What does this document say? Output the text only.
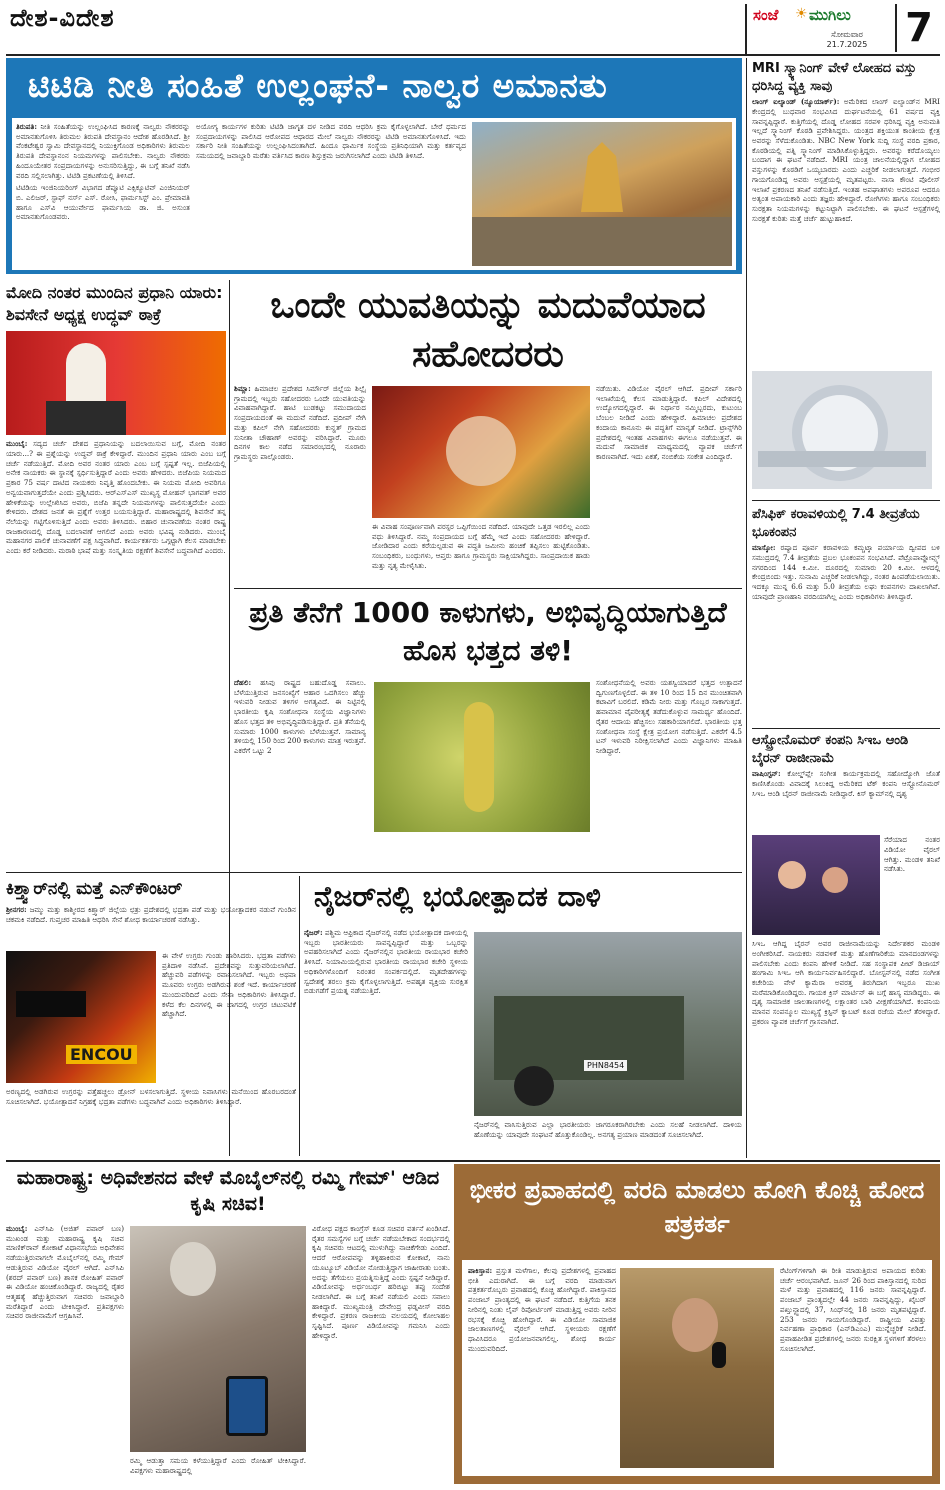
ದೇಶ-ವಿದೇಶ	ಸಂಜೆ ☀ ಮುಗಿಲು
ಸೋಮವಾರ
21.7.2025 7
ಟಿಟಿಡಿ ನೀತಿ ಸಂಹಿತೆ ಉಲ್ಲಂಘನೆ- ನಾಲ್ವರ ಅಮಾನತು
ತಿರುಪತಿ: ನೀತಿ ಸಂಹಿತೆಯನ್ನು ಉಲ್ಲಂಘಿಸಿದ ಕಾರಣಕ್ಕೆ ನಾಲ್ವರು ನೌಕರರನ್ನು ಅಮಾನತುಗೊಳಿಸಿ ತಿರುಮಲ ತಿರುಪತಿ ದೇವಸ್ಥಾನಂ ಆದೇಶ ಹೊರಡಿಸಿದೆ. ಶ್ರೀ ವೆಂಕಟೇಶ್ವರ ಸ್ವಾಮಿ ದೇವಸ್ಥಾನದಲ್ಲಿ ನಿಯುಕ್ತಿಗೊಂಡ ಅಧಿಕಾರಿಗಳು ತಿರುಮಲ ತಿರುಪತಿ ದೇವಸ್ಥಾನಂನ ನಿಯಮಗಳನ್ನು ಪಾಲಿಸಬೇಕು. ನಾಲ್ವರು ನೌಕರರು ಹಿಂದೂಯೇತರ ಸಂಪ್ರದಾಯಗಳನ್ನು ಅನುಸರಿಸುತ್ತಿದ್ದು, ಈ ಬಗ್ಗೆ ತನಿಖೆ ನಡೆಸಿ ವರದಿ ಸಲ್ಲಿಸಲಾಗಿತ್ತು. ಟಿಟಿಡಿ ಪ್ರಕಟಣೆಯಲ್ಲಿ ತಿಳಿಸಿದೆ.
ಟಿಟಿಡಿಯ ಇಂಜಿನಿಯರಿಂಗ್ ವಿಭಾಗದ ಡೆಪ್ಯೂಟಿ ಎಕ್ಸಿಕ್ಯೂಟಿವ್ ಎಂಜಿನಿಯರ್ ಬಿ. ಎಲಿಜರ್, ಸ್ಟಾಫ್ ನರ್ಸ್ ಎಸ್. ರೋಸಿ, ಫಾರ್ಮಸಿಸ್ಟ್ ಎಂ. ಪ್ರೇಮಾವತಿ ಹಾಗೂ ಎಸ್‌ವಿ ಆಯುರ್ವೇದ ಫಾರ್ಮಸಿಯ ಡಾ. ಜಿ. ಅಸುಂತ ಅಮಾನತುಗೊಂಡವರು.
ಅಯೋಗ್ಯ ಕಾರ್ಯಗಳ ಕುರಿತು ಟಿಟಿಡಿ ಜಾಗೃತ ದಳ ನೀಡಿದ ವರದಿ ಆಧರಿಸಿ ಕ್ರಮ ಕೈಗೊಳ್ಳಲಾಗಿದೆ. ಬೇರೆ ಧರ್ಮದ ಸಂಪ್ರದಾಯಗಳನ್ನು ಪಾಲಿಸಿದ ಆರೋಪದ ಆಧಾರದ ಮೇಲೆ ನಾಲ್ವರು ನೌಕರರನ್ನು ಟಿಟಿಡಿ ಅಮಾನತುಗೊಳಿಸಿದೆ. ಇದು ಸರ್ಕಾರಿ ನೀತಿ ಸಂಹಿತೆಯನ್ನು ಉಲ್ಲಂಘಿಸಿದಂತಾಗಿದೆ. ಹಿಂದೂ ಧಾರ್ಮಿಕ ಸಂಸ್ಥೆಯ ಪ್ರತಿನಿಧಿಯಾಗಿ ಮತ್ತು ಕರ್ತವ್ಯದ ಸಮಯದಲ್ಲಿ ಜವಾಬ್ದಾರಿ ಮರೆತು ವರ್ತಿಸಿದ ಕಾರಣ ಶಿಸ್ತುಕ್ರಮ ಜರುಗಿಸಲಾಗಿದೆ ಎಂದು ಟಿಟಿಡಿ ತಿಳಿಸಿದೆ.
MRI ಸ್ಕ್ಯಾನಿಂಗ್ ವೇಳೆ ಲೋಹದ ವಸ್ತು ಧರಿಸಿದ್ದ ವ್ಯಕ್ತಿ ಸಾವು
ಲಾಂಗ್ ಐಲ್ಯಾಂಡ್ (ನ್ಯೂಯಾರ್ಕ್): ಅಮೆರಿಕದ ಲಾಂಗ್ ಐಲ್ಯಾಂಡ್‌ನ MRI ಕೇಂದ್ರದಲ್ಲಿ ಬುಧವಾರ ಸಂಭವಿಸಿದ ದುರ್ಘಟನೆಯಲ್ಲಿ 61 ವರ್ಷದ ವ್ಯಕ್ತಿ ಸಾವನ್ನಪ್ಪಿದ್ದಾರೆ. ಕುತ್ತಿಗೆಯಲ್ಲಿ ದೊಡ್ಡ ಲೋಹದ ಸರಪಳಿ ಧರಿಸಿದ್ದ ವ್ಯಕ್ತಿ ಅನುಮತಿ ಇಲ್ಲದೆ ಸ್ಕ್ಯಾನಿಂಗ್ ಕೊಠಡಿ ಪ್ರವೇಶಿಸಿದ್ದರು. ಯಂತ್ರದ ಶಕ್ತಿಯುತ ಕಾಂತೀಯ ಕ್ಷೇತ್ರ ಅವರನ್ನು ಸೆಳೆದುಕೊಂಡಿತು. NBC New York ಸುದ್ದಿ ಸಂಸ್ಥೆ ವರದಿ ಪ್ರಕಾರ, ಕೊಠಡಿಯಲ್ಲಿ ಪತ್ನಿ ಸ್ಕ್ಯಾನಿಂಗ್ ಮಾಡಿಸಿಕೊಳ್ಳುತ್ತಿದ್ದರು. ಅವರನ್ನು ಕರೆದೊಯ್ಯಲು ಬಂದಾಗ ಈ ಘಟನೆ ನಡೆದಿದೆ. MRI ಯಂತ್ರ ಚಾಲನೆಯಲ್ಲಿದ್ದಾಗ ಲೋಹದ ವಸ್ತುಗಳನ್ನು ಕೊಠಡಿಗೆ ಒಯ್ಯಬಾರದು ಎಂದು ಎಚ್ಚರಿಕೆ ನೀಡಲಾಗುತ್ತದೆ. ಗಂಭೀರ ಗಾಯಗೊಂಡಿದ್ದ ಅವರು ಆಸ್ಪತ್ರೆಯಲ್ಲಿ ಮೃತಪಟ್ಟರು. ನಾಸಾ ಕೌಂಟಿ ಪೊಲೀಸ್ ಇಲಾಖೆ ಪ್ರಕರಣದ ತನಿಖೆ ನಡೆಸುತ್ತಿದೆ. ಇಂತಹ ಅಪಘಾತಗಳು ಅಪರೂಪ ಆದರೂ ಅತ್ಯಂತ ಅಪಾಯಕಾರಿ ಎಂದು ತಜ್ಞರು ಹೇಳಿದ್ದಾರೆ. ರೋಗಿಗಳು ಹಾಗೂ ಸಂಬಂಧಿಕರು ಸುರಕ್ಷತಾ ನಿಯಮಗಳನ್ನು ಕಟ್ಟುನಿಟ್ಟಾಗಿ ಪಾಲಿಸಬೇಕು. ಈ ಘಟನೆ ಆಸ್ಪತ್ರೆಗಳಲ್ಲಿ ಸುರಕ್ಷತೆ ಕುರಿತು ಮತ್ತೆ ಚರ್ಚೆ ಹುಟ್ಟುಹಾಕಿದೆ.
ಪೆಸಿಫಿಕ್ ಕರಾವಳಿಯಲ್ಲಿ 7.4 ತೀವ್ರತೆಯ ಭೂಕಂಪನ
ಮಾಸ್ಕೋ: ರಷ್ಯಾದ ಪೂರ್ವ ಕರಾವಳಿಯ ಕಮ್ಚಟ್ಕಾ ಪರ್ಯಾಯ ದ್ವೀಪದ ಬಳಿ ಸಮುದ್ರದಲ್ಲಿ 7.4 ತೀವ್ರತೆಯ ಪ್ರಬಲ ಭೂಕಂಪನ ಸಂಭವಿಸಿದೆ. ಪೆಟ್ರೊಪಾವ್ಲೋವ್ಸ್ಕ್ ನಗರದಿಂದ 144 ಕಿ.ಮೀ. ದೂರದಲ್ಲಿ ಸುಮಾರು 20 ಕಿ.ಮೀ. ಆಳದಲ್ಲಿ ಕೇಂದ್ರಬಿಂದು ಇತ್ತು. ಸುನಾಮಿ ಎಚ್ಚರಿಕೆ ನೀಡಲಾಗಿದ್ದು, ನಂತರ ಹಿಂಪಡೆಯಲಾಯಿತು. ಇದಕ್ಕೂ ಮುನ್ನ 6.6 ಮತ್ತು 5.0 ತೀವ್ರತೆಯ ಲಘು ಕಂಪನಗಳು ದಾಖಲಾಗಿವೆ. ಯಾವುದೇ ಪ್ರಾಣಹಾನಿ ವರದಿಯಾಗಿಲ್ಲ ಎಂದು ಅಧಿಕಾರಿಗಳು ತಿಳಿಸಿದ್ದಾರೆ.
ಆಸ್ಟ್ರೋನೊಮರ್ ಕಂಪನಿ ಸಿಇಒ ಆಂಡಿ ಬೈರನ್ ರಾಜೀನಾಮೆ
ವಾಷಿಂಗ್ಟನ್: ಕೋಲ್ಡ್‌ಪ್ಲೇ ಸಂಗೀತ ಕಾರ್ಯಕ್ರಮದಲ್ಲಿ ಸಹೋದ್ಯೋಗಿ ಜೊತೆ ಕಾಣಿಸಿಕೊಂಡು ವಿವಾದಕ್ಕೆ ಸಿಲುಕಿದ್ದ ಅಮೆರಿಕದ ಟೆಕ್ ಕಂಪನಿ ಆಸ್ಟ್ರೋನೊಮರ್ ಸಿಇಒ ಆಂಡಿ ಬೈರನ್ ರಾಜೀನಾಮೆ ನೀಡಿದ್ದಾರೆ. ಕಿಸ್ ಕ್ಯಾಮ್‌ನಲ್ಲಿ ದೃಶ್ಯ
ಸೆರೆಯಾದ ನಂತರ ವಿಡಿಯೋ ವೈರಲ್ ಆಗಿತ್ತು. ಮಂಡಳಿ ತನಿಖೆ ನಡೆಸಿತು.
ಸಿಇಒ ಆಗಿದ್ದ ಬೈರನ್ ಅವರ ರಾಜೀನಾಮೆಯನ್ನು ನಿರ್ದೇಶಕರ ಮಂಡಳಿ ಅಂಗೀಕರಿಸಿದೆ. ನಾಯಕರು ನಡವಳಿಕೆ ಮತ್ತು ಹೊಣೆಗಾರಿಕೆಯ ಮಾನದಂಡಗಳನ್ನು ಪಾಲಿಸಬೇಕು ಎಂದು ಕಂಪನಿ ಹೇಳಿಕೆ ನೀಡಿದೆ. ಸಹ ಸಂಸ್ಥಾಪಕ ಪೀಟ್ ಡಿಜಾಯ್ ಹಂಗಾಮಿ ಸಿಇಒ ಆಗಿ ಕಾರ್ಯನಿರ್ವಹಿಸಲಿದ್ದಾರೆ. ಬೋಸ್ಟನ್‌ನಲ್ಲಿ ನಡೆದ ಸಂಗೀತ ಕಚೇರಿಯ ವೇಳೆ ಕ್ಯಾಮೆರಾ ಅವರತ್ತ ತಿರುಗಿದಾಗ ಇಬ್ಬರೂ ಮುಖ ಮರೆಮಾಡಿಕೊಂಡಿದ್ದರು. ಗಾಯಕ ಕ್ರಿಸ್ ಮಾರ್ಟಿನ್ ಈ ಬಗ್ಗೆ ಹಾಸ್ಯ ಮಾಡಿದ್ದರು. ಈ ದೃಶ್ಯ ಸಾಮಾಜಿಕ ಜಾಲತಾಣಗಳಲ್ಲಿ ಲಕ್ಷಾಂತರ ಬಾರಿ ವೀಕ್ಷಣೆಯಾಗಿದೆ. ಕಂಪನಿಯ ಮಾನವ ಸಂಪನ್ಮೂಲ ಮುಖ್ಯಸ್ಥೆ ಕ್ರಿಸ್ಟಿನ್ ಕ್ಯಾಬಟ್ ಕೂಡ ರಜೆಯ ಮೇಲೆ ತೆರಳಿದ್ದಾರೆ. ಪ್ರಕರಣ ವ್ಯಾಪಕ ಚರ್ಚೆಗೆ ಗ್ರಾಸವಾಗಿದೆ.
ಮೋದಿ ನಂತರ ಮುಂದಿನ ಪ್ರಧಾನಿ ಯಾರು: ಶಿವಸೇನೆ ಅಧ್ಯಕ್ಷ ಉದ್ಧವ್ ಠಾಕ್ರೆ
ಮುಂಬೈ: ಸದ್ಯದ ಚರ್ಚೆ ದೇಶದ ಪ್ರಧಾನಿಯನ್ನು ಬದಲಾಯಿಸುವ ಬಗ್ಗೆ, ಮೋದಿ ನಂತರ ಯಾರು...? ಈ ಪ್ರಶ್ನೆಯನ್ನು ಉದ್ಧವ್ ಠಾಕ್ರೆ ಕೇಳಿದ್ದಾರೆ. ಮುಂದಿನ ಪ್ರಧಾನಿ ಯಾರು ಎಂಬ ಬಗ್ಗೆ ಚರ್ಚೆ ನಡೆಯುತ್ತಿದೆ. ಮೋದಿ ಅವರ ನಂತರ ಯಾರು ಎಂಬ ಬಗ್ಗೆ ಸ್ಪಷ್ಟತೆ ಇಲ್ಲ. ಬಿಜೆಪಿಯಲ್ಲಿ ಅನೇಕ ನಾಯಕರು ಈ ಸ್ಥಾನಕ್ಕೆ ಸ್ಪರ್ಧಿಸುತ್ತಿದ್ದಾರೆ ಎಂದು ಅವರು ಹೇಳಿದರು. ಬಿಜೆಪಿಯ ನಿಯಮದ ಪ್ರಕಾರ 75 ವರ್ಷ ದಾಟಿದ ನಾಯಕರು ನಿವೃತ್ತಿ ಹೊಂದಬೇಕು. ಈ ನಿಯಮ ಮೋದಿ ಅವರಿಗೂ ಅನ್ವಯವಾಗುತ್ತದೆಯೇ ಎಂದು ಪ್ರಶ್ನಿಸಿದರು. ಆರ್‌ಎಸ್‌ಎಸ್ ಮುಖ್ಯಸ್ಥ ಮೋಹನ್ ಭಾಗವತ್ ಅವರ ಹೇಳಿಕೆಯನ್ನು ಉಲ್ಲೇಖಿಸಿದ ಅವರು, ಬಿಜೆಪಿ ತನ್ನದೇ ನಿಯಮಗಳನ್ನು ಪಾಲಿಸುತ್ತದೆಯೇ ಎಂದು ಕೇಳಿದರು. ದೇಶದ ಜನತೆ ಈ ಪ್ರಶ್ನೆಗೆ ಉತ್ತರ ಬಯಸುತ್ತಿದ್ದಾರೆ. ಮಹಾರಾಷ್ಟ್ರದಲ್ಲಿ ಶಿವಸೇನೆ ತನ್ನ ನೆಲೆಯನ್ನು ಗಟ್ಟಿಗೊಳಿಸುತ್ತಿದೆ ಎಂದು ಅವರು ತಿಳಿಸಿದರು. ಬಿಹಾರ ಚುನಾವಣೆಯ ನಂತರ ರಾಷ್ಟ್ರ ರಾಜಕಾರಣದಲ್ಲಿ ದೊಡ್ಡ ಬದಲಾವಣೆ ಆಗಲಿದೆ ಎಂದು ಅವರು ಭವಿಷ್ಯ ನುಡಿದರು. ಮುಂಬೈ ಮಹಾನಗರ ಪಾಲಿಕೆ ಚುನಾವಣೆಗೆ ಪಕ್ಷ ಸಿದ್ಧವಾಗಿದೆ. ಕಾರ್ಯಕರ್ತರು ಒಗ್ಗಟ್ಟಾಗಿ ಕೆಲಸ ಮಾಡಬೇಕು ಎಂದು ಕರೆ ನೀಡಿದರು. ಮರಾಠಿ ಭಾಷೆ ಮತ್ತು ಸಂಸ್ಕೃತಿಯ ರಕ್ಷಣೆಗೆ ಶಿವಸೇನೆ ಬದ್ಧವಾಗಿದೆ ಎಂದರು.
ಒಂದೇ ಯುವತಿಯನ್ನು ಮದುವೆಯಾದ ಸಹೋದರರು
ಶಿಮ್ಲಾ: ಹಿಮಾಚಲ ಪ್ರದೇಶದ ಸಿರ್ಮೌರ್ ಜಿಲ್ಲೆಯ ಶಿಲ್ಲೈ ಗ್ರಾಮದಲ್ಲಿ ಇಬ್ಬರು ಸಹೋದರರು ಒಂದೇ ಯುವತಿಯನ್ನು ವಿವಾಹವಾಗಿದ್ದಾರೆ. ಹಾಟಿ ಬುಡಕಟ್ಟು ಸಮುದಾಯದ ಸಂಪ್ರದಾಯದಂತೆ ಈ ಮದುವೆ ನಡೆದಿದೆ. ಪ್ರದೀಪ್ ನೇಗಿ ಮತ್ತು ಕಪಿಲ್ ನೇಗಿ ಸಹೋದರರು ಕುನ್ಹತ್ ಗ್ರಾಮದ ಸುನೀತಾ ಚೌಹಾಣ್ ಅವರನ್ನು ವರಿಸಿದ್ದಾರೆ. ಮೂರು ದಿನಗಳ ಕಾಲ ನಡೆದ ಸಮಾರಂಭದಲ್ಲಿ ನೂರಾರು ಗ್ರಾಮಸ್ಥರು ಪಾಲ್ಗೊಂಡರು.
ಈ ವಿವಾಹ ಸಂಪೂರ್ಣವಾಗಿ ಪರಸ್ಪರ ಒಪ್ಪಿಗೆಯಿಂದ ನಡೆದಿದೆ. ಯಾವುದೇ ಒತ್ತಡ ಇರಲಿಲ್ಲ ಎಂದು ವಧು ತಿಳಿಸಿದ್ದಾರೆ. ನಮ್ಮ ಸಂಪ್ರದಾಯದ ಬಗ್ಗೆ ಹೆಮ್ಮೆ ಇದೆ ಎಂದು ಸಹೋದರರು ಹೇಳಿದ್ದಾರೆ. ಜೋಡಿದಾರ ಎಂದು ಕರೆಯಲ್ಪಡುವ ಈ ಪದ್ಧತಿ ಜಮೀನು ಹಂಚಿಕೆ ತಪ್ಪಿಸಲು ಹುಟ್ಟಿಕೊಂಡಿತು. ಸಂಬಂಧಿಕರು, ಬಂಧುಗಳು, ಆಪ್ತರು ಹಾಗೂ ಗ್ರಾಮಸ್ಥರು ಸಾಕ್ಷಿಯಾಗಿದ್ದರು. ಸಾಂಪ್ರದಾಯಿಕ ಹಾಡು ಮತ್ತು ನೃತ್ಯ ಮೇಳೈಸಿತು.
ನಡೆಯಿತು. ವಿಡಿಯೋ ವೈರಲ್ ಆಗಿದೆ. ಪ್ರದೀಪ್ ಸರ್ಕಾರಿ ಇಲಾಖೆಯಲ್ಲಿ ಕೆಲಸ ಮಾಡುತ್ತಿದ್ದಾರೆ. ಕಪಿಲ್ ವಿದೇಶದಲ್ಲಿ ಉದ್ಯೋಗದಲ್ಲಿದ್ದಾರೆ. ಈ ನಿರ್ಧಾರ ನಮ್ಮಿಬ್ಬರದು, ಕುಟುಂಬ ಬೆಂಬಲ ನೀಡಿದೆ ಎಂದು ಹೇಳಿದ್ದಾರೆ. ಹಿಮಾಚಲ ಪ್ರದೇಶದ ಕಂದಾಯ ಕಾನೂನು ಈ ಪದ್ಧತಿಗೆ ಮಾನ್ಯತೆ ನೀಡಿದೆ. ಟ್ರಾನ್ಸ್‌ಗಿರಿ ಪ್ರದೇಶದಲ್ಲಿ ಇಂತಹ ವಿವಾಹಗಳು ಈಗಲೂ ನಡೆಯುತ್ತವೆ. ಈ ಮದುವೆ ಸಾಮಾಜಿಕ ಮಾಧ್ಯಮದಲ್ಲಿ ವ್ಯಾಪಕ ಚರ್ಚೆಗೆ ಕಾರಣವಾಗಿದೆ. ಇದು ಏಕತೆ, ನಂಬಿಕೆಯ ಸಂಕೇತ ಎಂದಿದ್ದಾರೆ.
ಪ್ರತಿ ತೆನೆಗೆ 1000 ಕಾಳುಗಳು, ಅಭಿವೃದ್ಧಿಯಾಗುತ್ತಿದೆ ಹೊಸ ಭತ್ತದ ತಳಿ!
ದೆಹಲಿ: ಹಸಿವು ರಾಷ್ಟ್ರದ ಬಹುದೊಡ್ಡ ಸವಾಲು. ಬೆಳೆಯುತ್ತಿರುವ ಜನಸಂಖ್ಯೆಗೆ ಆಹಾರ ಒದಗಿಸಲು ಹೆಚ್ಚು ಇಳುವರಿ ನೀಡುವ ತಳಿಗಳ ಅಗತ್ಯವಿದೆ. ಈ ನಿಟ್ಟಿನಲ್ಲಿ ಭಾರತೀಯ ಕೃಷಿ ಸಂಶೋಧನಾ ಸಂಸ್ಥೆಯ ವಿಜ್ಞಾನಿಗಳು ಹೊಸ ಭತ್ತದ ತಳಿ ಅಭಿವೃದ್ಧಿಪಡಿಸುತ್ತಿದ್ದಾರೆ. ಪ್ರತಿ ತೆನೆಯಲ್ಲಿ ಸುಮಾರು 1000 ಕಾಳುಗಳು ಬೆಳೆಯುತ್ತವೆ. ಸಾಮಾನ್ಯ ತಳಿಯಲ್ಲಿ 150 ರಿಂದ 200 ಕಾಳುಗಳು ಮಾತ್ರ ಇರುತ್ತವೆ. ಎಕರೆಗೆ ಒಟ್ಟು 2
ಸಂಶೋಧನೆಯಲ್ಲಿ ಅವರು ಯಶಸ್ವಿಯಾದರೆ ಭತ್ತದ ಉತ್ಪಾದನೆ ದ್ವಿಗುಣಗೊಳ್ಳಲಿದೆ. ಈ ತಳಿ 10 ರಿಂದ 15 ದಿನ ಮುಂಚಿತವಾಗಿ ಕಟಾವಿಗೆ ಬರಲಿದೆ. ಕಡಿಮೆ ನೀರು ಮತ್ತು ಗೊಬ್ಬರ ಸಾಕಾಗುತ್ತದೆ. ಹವಾಮಾನ ವೈಪರೀತ್ಯಕ್ಕೆ ತಡೆದುಕೊಳ್ಳುವ ಸಾಮರ್ಥ್ಯ ಹೊಂದಿದೆ. ರೈತರ ಆದಾಯ ಹೆಚ್ಚಿಸಲು ಸಹಕಾರಿಯಾಗಲಿದೆ. ಭಾರತೀಯ ಭತ್ತ ಸಂಶೋಧನಾ ಸಂಸ್ಥೆ ಕ್ಷೇತ್ರ ಪ್ರಯೋಗ ನಡೆಸುತ್ತಿದೆ. ಎಕರೆಗೆ 4.5 ಟನ್ ಇಳುವರಿ ನಿರೀಕ್ಷಿಸಲಾಗಿದೆ ಎಂದು ವಿಜ್ಞಾನಿಗಳು ಮಾಹಿತಿ ನೀಡಿದ್ದಾರೆ.
ಕಿಶ್ತ್ವಾರ್‌ನಲ್ಲಿ ಮತ್ತೆ ಎನ್‌ಕೌಂಟರ್
ಶ್ರೀನಗರ: ಜಮ್ಮು ಮತ್ತು ಕಾಶ್ಮೀರದ ಕಿಶ್ತ್ವಾರ್ ಜಿಲ್ಲೆಯ ಛತ್ರು ಪ್ರದೇಶದಲ್ಲಿ ಭದ್ರತಾ ಪಡೆ ಮತ್ತು ಭಯೋತ್ಪಾದಕರ ನಡುವೆ ಗುಂಡಿನ ಚಕಮಕಿ ನಡೆದಿದೆ. ಗುಪ್ತಚರ ಮಾಹಿತಿ ಆಧರಿಸಿ ಸೇನೆ ಶೋಧ ಕಾರ್ಯಾಚರಣೆ ನಡೆಸಿತ್ತು.
ENCOU
ಈ ವೇಳೆ ಉಗ್ರರು ಗುಂಡು ಹಾರಿಸಿದರು. ಭದ್ರತಾ ಪಡೆಗಳು ಪ್ರತಿದಾಳಿ ನಡೆಸಿವೆ. ಪ್ರದೇಶವನ್ನು ಸುತ್ತುವರಿಯಲಾಗಿದೆ. ಹೆಚ್ಚುವರಿ ಪಡೆಗಳನ್ನು ರವಾನಿಸಲಾಗಿದೆ. ಇಬ್ಬರು ಅಥವಾ ಮೂವರು ಉಗ್ರರು ಅಡಗಿರುವ ಶಂಕೆ ಇದೆ. ಕಾರ್ಯಾಚರಣೆ ಮುಂದುವರಿದಿದೆ ಎಂದು ಸೇನಾ ಅಧಿಕಾರಿಗಳು ತಿಳಿಸಿದ್ದಾರೆ. ಕಳೆದ ಕೆಲ ದಿನಗಳಲ್ಲಿ ಈ ಭಾಗದಲ್ಲಿ ಉಗ್ರರ ಚಟುವಟಿಕೆ ಹೆಚ್ಚಾಗಿದೆ.
ಅರಣ್ಯದಲ್ಲಿ ಅಡಗಿರುವ ಉಗ್ರರನ್ನು ಪತ್ತೆಹಚ್ಚಲು ಡ್ರೋನ್ ಬಳಸಲಾಗುತ್ತಿದೆ. ಸ್ಥಳೀಯ ನಿವಾಸಿಗಳು ಮನೆಯಿಂದ ಹೊರಬರದಂತೆ ಸೂಚಿಸಲಾಗಿದೆ. ಭಯೋತ್ಪಾದನೆ ನಿಗ್ರಹಕ್ಕೆ ಭದ್ರತಾ ಪಡೆಗಳು ಬದ್ಧವಾಗಿವೆ ಎಂದು ಅಧಿಕಾರಿಗಳು ತಿಳಿಸಿದ್ದಾರೆ.
ನೈಜರ್‌ನಲ್ಲಿ ಭಯೋತ್ಪಾದಕ ದಾಳಿ
ನೈಜರ್: ಪಶ್ಚಿಮ ಆಫ್ರಿಕಾದ ನೈಜರ್‌ನಲ್ಲಿ ನಡೆದ ಭಯೋತ್ಪಾದಕ ದಾಳಿಯಲ್ಲಿ ಇಬ್ಬರು ಭಾರತೀಯರು ಸಾವನ್ನಪ್ಪಿದ್ದಾರೆ ಮತ್ತು ಒಬ್ಬರನ್ನು ಅಪಹರಿಸಲಾಗಿದೆ ಎಂದು ನೈಜರ್‌ನಲ್ಲಿನ ಭಾರತೀಯ ರಾಯಭಾರ ಕಚೇರಿ ತಿಳಿಸಿದೆ. ನಿಯಾಮಿಯಲ್ಲಿರುವ ಭಾರತೀಯ ರಾಯಭಾರ ಕಚೇರಿ ಸ್ಥಳೀಯ ಅಧಿಕಾರಿಗಳೊಂದಿಗೆ ನಿರಂತರ ಸಂಪರ್ಕದಲ್ಲಿದೆ. ಮೃತದೇಹಗಳನ್ನು ಸ್ವದೇಶಕ್ಕೆ ತರಲು ಕ್ರಮ ಕೈಗೊಳ್ಳಲಾಗುತ್ತಿದೆ. ಅಪಹೃತ ವ್ಯಕ್ತಿಯ ಸುರಕ್ಷಿತ ಬಿಡುಗಡೆಗೆ ಪ್ರಯತ್ನ ನಡೆಯುತ್ತಿದೆ.
PHN8454
ನೈಜರ್‌ನಲ್ಲಿ ವಾಸಿಸುತ್ತಿರುವ ಎಲ್ಲಾ ಭಾರತೀಯರು ಜಾಗರೂಕರಾಗಿರಬೇಕು ಎಂದು ಸಲಹೆ ನೀಡಲಾಗಿದೆ. ದಾಳಿಯ ಹೊಣೆಯನ್ನು ಯಾವುದೇ ಸಂಘಟನೆ ಹೊತ್ತುಕೊಂಡಿಲ್ಲ. ಅನಗತ್ಯ ಪ್ರಯಾಣ ಮಾಡದಂತೆ ಸೂಚಿಸಲಾಗಿದೆ.
ಮಹಾರಾಷ್ಟ್ರ: ಅಧಿವೇಶನದ ವೇಳೆ ಮೊಬೈಲ್‌ನಲ್ಲಿ ರಮ್ಮಿ ಗೇಮ್' ಆಡಿದ ಕೃಷಿ ಸಚಿವ!
ಮುಂಬೈ: ಎನ್‌ಸಿಪಿ (ಅಜಿತ್ ಪವಾರ್ ಬಣ) ಮುಖಂಡ ಮತ್ತು ಮಹಾರಾಷ್ಟ್ರ ಕೃಷಿ ಸಚಿವ ಮಾಣಿಕ್‌ರಾವ್ ಕೋಕಾಟೆ ವಿಧಾನಸಭೆಯ ಅಧಿವೇಶನ ನಡೆಯುತ್ತಿರುವಾಗಲೇ ಮೊಬೈಲ್‌ನಲ್ಲಿ ರಮ್ಮಿ ಗೇಮ್ ಆಡುತ್ತಿರುವ ವಿಡಿಯೋ ವೈರಲ್ ಆಗಿದೆ. ಎನ್‌ಸಿಪಿ (ಶರದ್ ಪವಾರ್ ಬಣ) ಶಾಸಕ ರೋಹಿತ್ ಪವಾರ್ ಈ ವಿಡಿಯೋ ಹಂಚಿಕೊಂಡಿದ್ದಾರೆ. ರಾಜ್ಯದಲ್ಲಿ ರೈತರ ಆತ್ಮಹತ್ಯೆ ಹೆಚ್ಚುತ್ತಿರುವಾಗ ಸಚಿವರು ಜವಾಬ್ದಾರಿ ಮರೆತಿದ್ದಾರೆ ಎಂದು ಟೀಕಿಸಿದ್ದಾರೆ. ಪ್ರತಿಪಕ್ಷಗಳು ಸಚಿವರ ರಾಜೀನಾಮೆಗೆ ಆಗ್ರಹಿಸಿವೆ.
ರಮ್ಮಿ ಆಡುತ್ತಾ ಸಮಯ ಕಳೆಯುತ್ತಿದ್ದಾರೆ ಎಂದು ರೋಹಿತ್ ಟೀಕಿಸಿದ್ದಾರೆ. ವಿಪಕ್ಷಗಳು ಮಹಾರಾಷ್ಟ್ರದಲ್ಲಿ
ವಿರೋಧ ಪಕ್ಷದ ಕಾಂಗ್ರೆಸ್ ಕೂಡ ಸಚಿವರ ವರ್ತನೆ ಖಂಡಿಸಿದೆ. ರೈತರ ಸಮಸ್ಯೆಗಳ ಬಗ್ಗೆ ಚರ್ಚೆ ನಡೆಯಬೇಕಾದ ಸಂದರ್ಭದಲ್ಲಿ ಕೃಷಿ ಸಚಿವರು ಆಟದಲ್ಲಿ ಮುಳುಗಿದ್ದು ನಾಚಿಕೆಗೇಡು ಎಂದಿದೆ. ಆದರೆ ಆರೋಪವನ್ನು ತಳ್ಳಿಹಾಕಿರುವ ಕೋಕಾಟೆ, ನಾನು ಯೂಟ್ಯೂಬ್ ವಿಡಿಯೋ ನೋಡುತ್ತಿದ್ದಾಗ ಜಾಹೀರಾತು ಬಂತು. ಅದನ್ನು ತೆಗೆಯಲು ಪ್ರಯತ್ನಿಸುತ್ತಿದ್ದೆ ಎಂದು ಸ್ಪಷ್ಟನೆ ನೀಡಿದ್ದಾರೆ. ವಿಡಿಯೋವನ್ನು ಅರ್ಧಂಬರ್ಧ ಹರಿಬಿಟ್ಟು ತಪ್ಪು ಸಂದೇಶ ನೀಡಲಾಗಿದೆ. ಈ ಬಗ್ಗೆ ತನಿಖೆ ನಡೆಯಲಿ ಎಂದು ಸವಾಲು ಹಾಕಿದ್ದಾರೆ. ಮುಖ್ಯಮಂತ್ರಿ ದೇವೇಂದ್ರ ಫಡ್ನವೀಸ್ ವರದಿ ಕೇಳಿದ್ದಾರೆ. ಪ್ರಕರಣ ರಾಜಕೀಯ ವಲಯದಲ್ಲಿ ಕೋಲಾಹಲ ಸೃಷ್ಟಿಸಿದೆ. ಪೂರ್ಣ ವಿಡಿಯೋವನ್ನು ಗಮನಿಸಿ ಎಂದು ಹೇಳಿದ್ದಾರೆ.
ಭೀಕರ ಪ್ರವಾಹದಲ್ಲಿ ವರದಿ ಮಾಡಲು ಹೋಗಿ ಕೊಚ್ಚಿ ಹೋದ ಪತ್ರಕರ್ತ
ಪಾಕಿಸ್ತಾನ: ಪ್ರಸ್ತುತ ಮಳೆಗಾಲ, ಕೆಲವು ಪ್ರದೇಶಗಳಲ್ಲಿ ಪ್ರವಾಹದ ಭೀತಿ ಎದುರಾಗಿದೆ. ಈ ಬಗ್ಗೆ ವರದಿ ಮಾಡುವಾಗ ಪತ್ರಕರ್ತರೊಬ್ಬರು ಪ್ರವಾಹದಲ್ಲಿ ಕೊಚ್ಚಿ ಹೋಗಿದ್ದಾರೆ. ಪಾಕಿಸ್ತಾನದ ಪಂಜಾಬ್ ಪ್ರಾಂತ್ಯದಲ್ಲಿ ಈ ಘಟನೆ ನಡೆದಿದೆ. ಕುತ್ತಿಗೆಯ ತನಕ ನೀರಿನಲ್ಲಿ ನಿಂತು ಲೈವ್ ರಿಪೋರ್ಟಿಂಗ್ ಮಾಡುತ್ತಿದ್ದ ಅವರು ನೀರಿನ ರಭಸಕ್ಕೆ ಕೊಚ್ಚಿ ಹೋಗಿದ್ದಾರೆ. ಈ ವಿಡಿಯೋ ಸಾಮಾಜಿಕ ಜಾಲತಾಣಗಳಲ್ಲಿ ವೈರಲ್ ಆಗಿದೆ. ಸ್ಥಳೀಯರು ರಕ್ಷಣೆಗೆ ಧಾವಿಸಿದರೂ ಪ್ರಯೋಜನವಾಗಲಿಲ್ಲ. ಶೋಧ ಕಾರ್ಯ ಮುಂದುವರಿದಿದೆ.
ರೆಟಿಂಗ್‌ಗಳಿಗಾಗಿ ಈ ರೀತಿ ಮಾಡುತ್ತಿರುವ ಅಪಾಯದ ಕುರಿತು ಚರ್ಚೆ ಆರಂಭವಾಗಿದೆ. ಜೂನ್ 26 ರಿಂದ ಪಾಕಿಸ್ತಾನದಲ್ಲಿ ಸುರಿದ ಮಳೆ ಮತ್ತು ಪ್ರವಾಹದಲ್ಲಿ 116 ಜನರು ಸಾವನ್ನಪ್ಪಿದ್ದಾರೆ. ಪಂಜಾಬ್ ಪ್ರಾಂತ್ಯದಲ್ಲೇ 44 ಜನರು ಸಾವನ್ನಪ್ಪಿದ್ದು, ಖೈಬರ್ ಪಖ್ತುನ್ಖ್ವಾದಲ್ಲಿ 37, ಸಿಂಧ್‌ನಲ್ಲಿ 18 ಜನರು ಮೃತಪಟ್ಟಿದ್ದಾರೆ. 253 ಜನರು ಗಾಯಗೊಂಡಿದ್ದಾರೆ. ರಾಷ್ಟ್ರೀಯ ವಿಪತ್ತು ನಿರ್ವಹಣಾ ಪ್ರಾಧಿಕಾರ (ಎನ್‌ಡಿಎಂಎ) ಮುನ್ನೆಚ್ಚರಿಕೆ ನೀಡಿದೆ. ಪ್ರವಾಹಪೀಡಿತ ಪ್ರದೇಶಗಳಲ್ಲಿ ಜನರು ಸುರಕ್ಷಿತ ಸ್ಥಳಗಳಿಗೆ ತೆರಳಲು ಸೂಚಿಸಲಾಗಿದೆ.
